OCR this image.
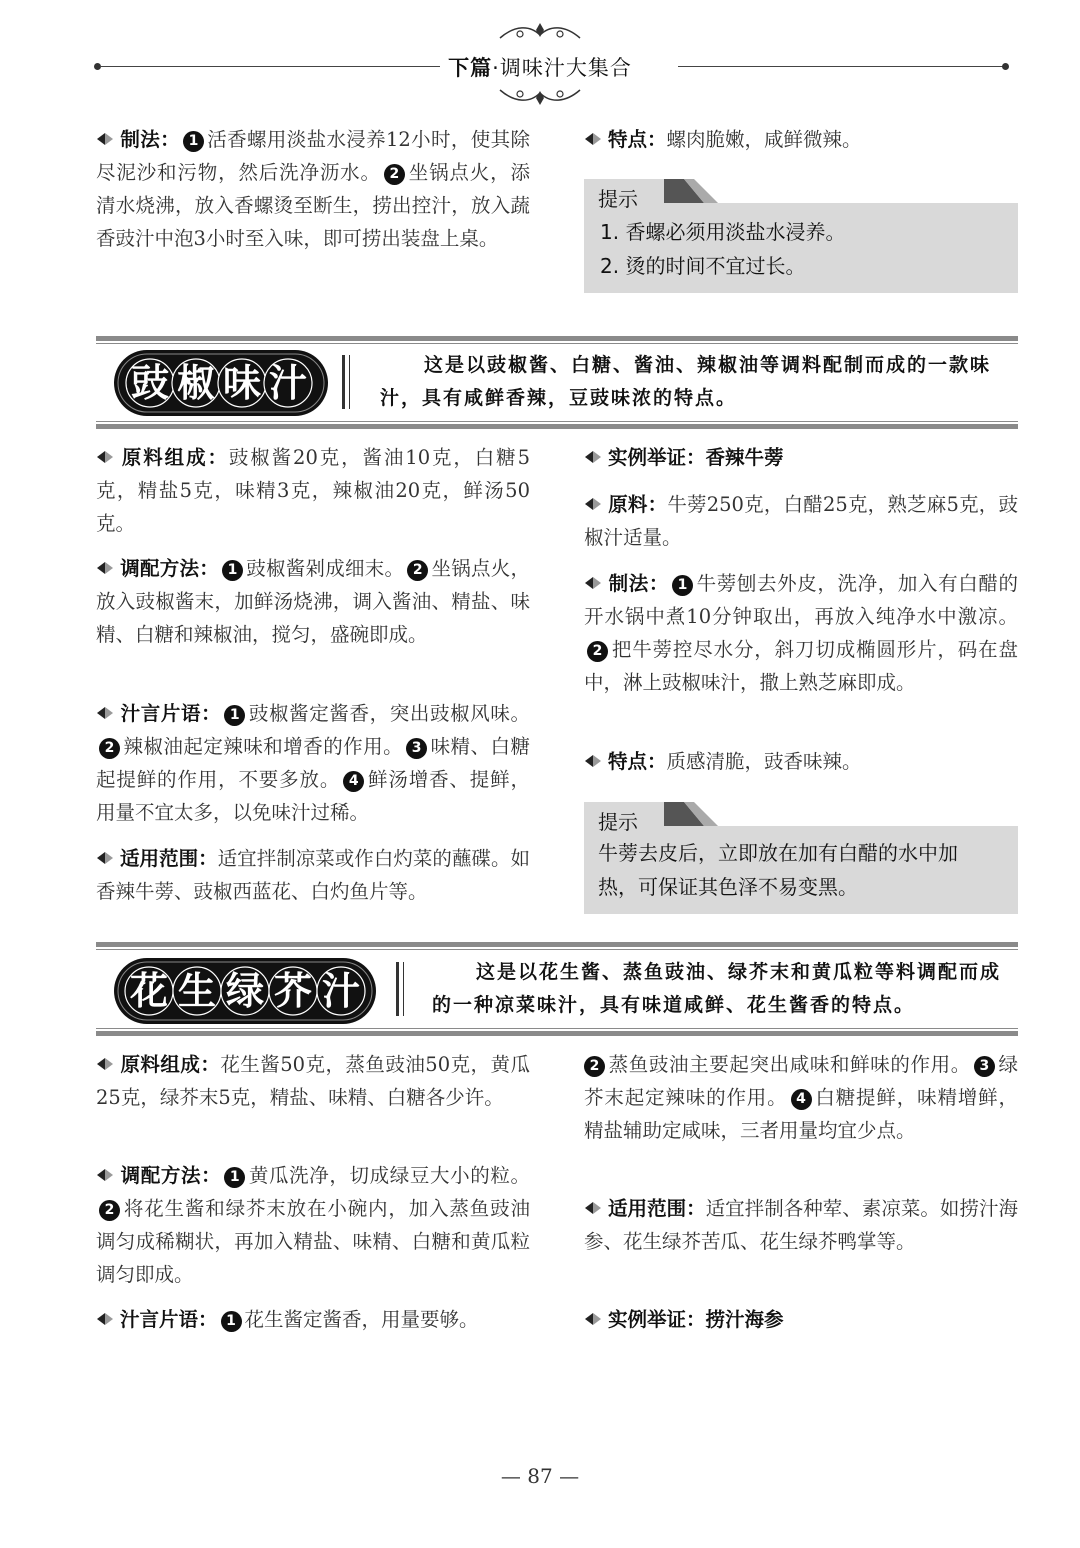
下篇·调味汁大集合
制法： 1 活香螺用淡盐水浸养12小时，使其除尽泥沙和污物，然后洗净沥水。 2 坐锅点火，添清水烧沸，放入香螺烫至断生，捞出控汁，放入蔬香豉汁中泡3小时至入味，即可捞出装盘上桌。
特点：螺肉脆嫩，咸鲜微辣。
提示
1. 香螺必须用淡盐水浸养。
2. 烫的时间不宜过长。
豉 椒 味 汁	这是以豉椒酱、白糖、酱油、辣椒油等调料配制而成的一款味汁，具有咸鲜香辣，豆豉味浓的特点。
原料组成：豉椒酱20克，酱油10克，白糖5克，精盐5克，味精3克，辣椒油20克，鲜汤50克。
调配方法： 1 豉椒酱剁成细末。 2 坐锅点火，放入豉椒酱末，加鲜汤烧沸，调入酱油、精盐、味精、白糖和辣椒油，搅匀，盛碗即成。
汁言片语： 1 豉椒酱定酱香，突出豉椒风味。2 辣椒油起定辣味和增香的作用。 3 味精、白糖起提鲜的作用，不要多放。 4 鲜汤增香、提鲜，用量不宜太多，以免味汁过稀。
适用范围：适宜拌制凉菜或作白灼菜的蘸碟。如香辣牛蒡、豉椒西蓝花、白灼鱼片等。
实例举证：香辣牛蒡
原料：牛蒡250克，白醋25克，熟芝麻5克，豉椒汁适量。
制法： 1 牛蒡刨去外皮，洗净，加入有白醋的开水锅中煮10分钟取出，再放入纯净水中激凉。2 把牛蒡控尽水分，斜刀切成椭圆形片，码在盘中，淋上豉椒味汁，撒上熟芝麻即成。
特点：质感清脆，豉香味辣。
提示
牛蒡去皮后，立即放在加有白醋的水中加
热，可保证其色泽不易变黑。
花 生 绿 芥 汁	这是以花生酱、蒸鱼豉油、绿芥末和黄瓜粒等料调配而成的一种凉菜味汁，具有味道咸鲜、花生酱香的特点。
原料组成：花生酱50克，蒸鱼豉油50克，黄瓜25克，绿芥末5克，精盐、味精、白糖各少许。
调配方法： 1 黄瓜洗净，切成绿豆大小的粒。2 将花生酱和绿芥末放在小碗内，加入蒸鱼豉油调匀成稀糊状，再加入精盐、味精、白糖和黄瓜粒调匀即成。
汁言片语： 1 花生酱定酱香，用量要够。
2 蒸鱼豉油主要起突出咸味和鲜味的作用。 3 绿芥末起定辣味的作用。 4 白糖提鲜，味精增鲜，精盐辅助定咸味，三者用量均宜少点。
适用范围：适宜拌制各种荤、素凉菜。如捞汁海参、花生绿芥苦瓜、花生绿芥鸭掌等。
实例举证：捞汁海参
— 87 —
